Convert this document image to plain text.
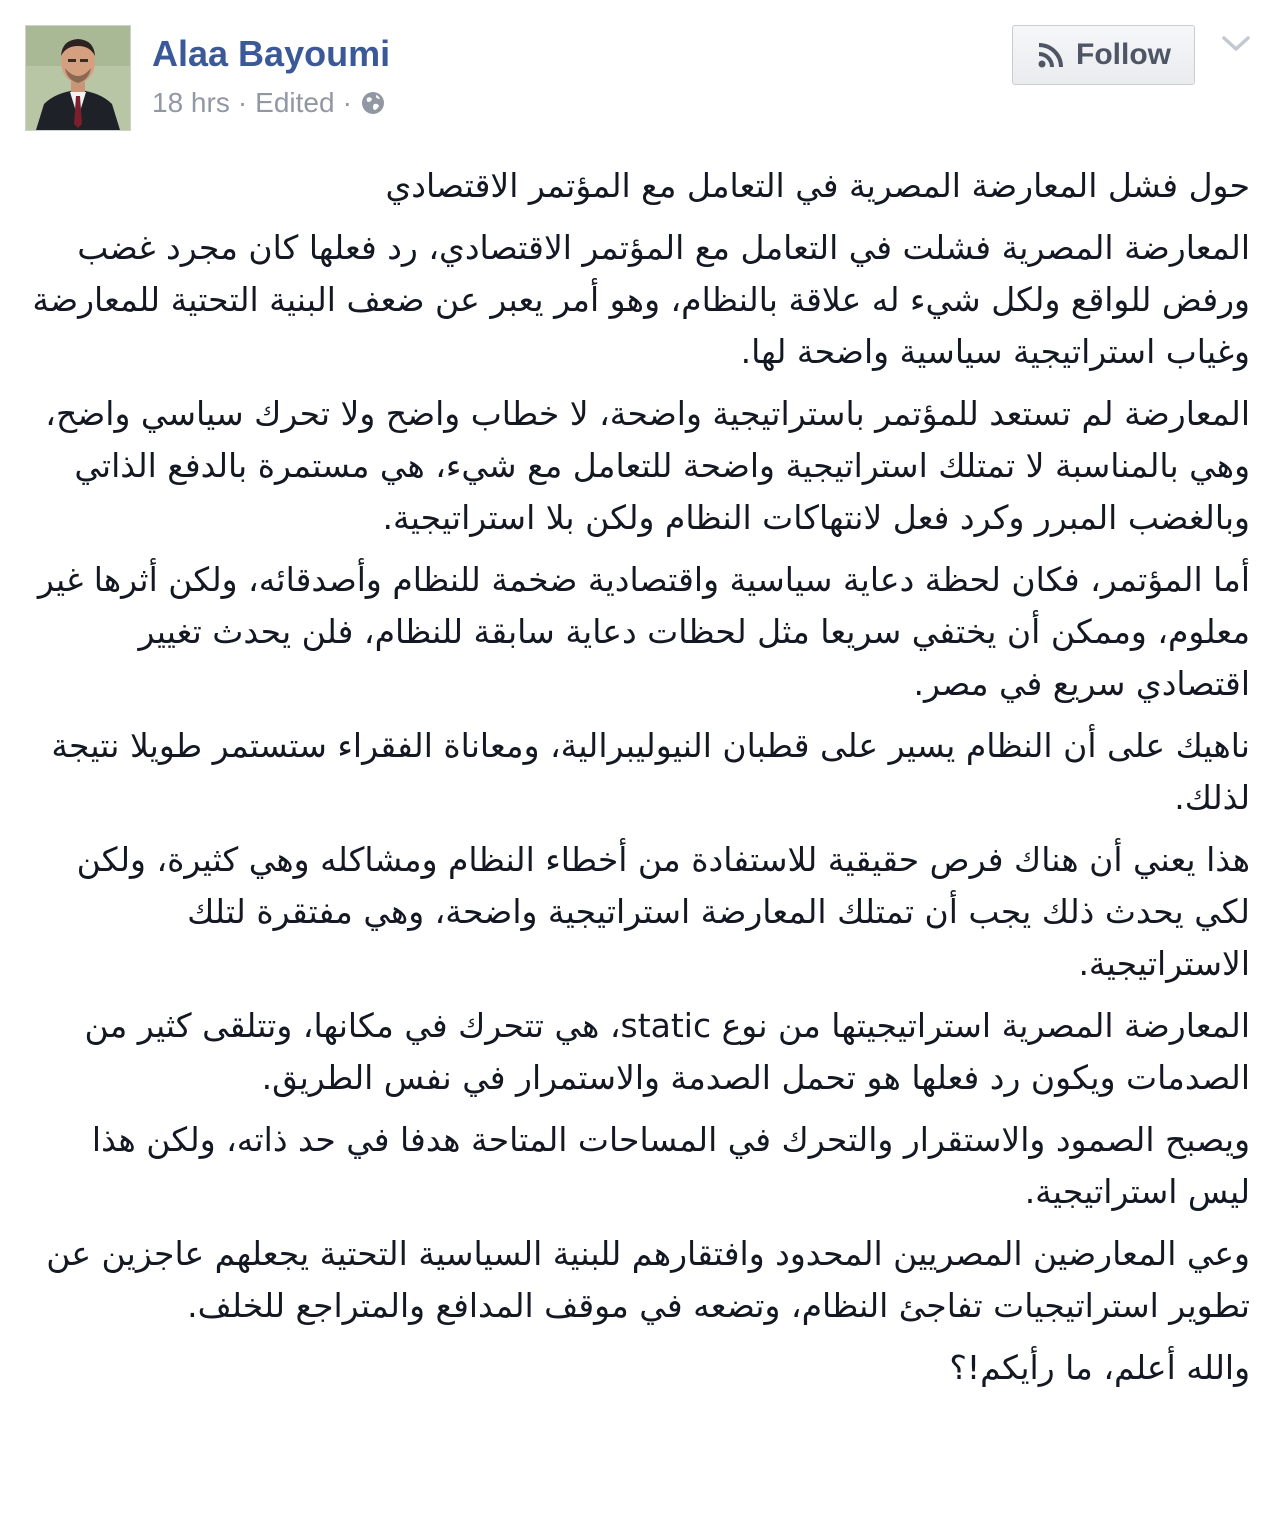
Alaa Bayoumi
18 hrs · Edited ·
Follow

حول فشل المعارضة المصرية في التعامل مع المؤتمر الاقتصادي

المعارضة المصرية فشلت في التعامل مع المؤتمر الاقتصادي، رد فعلها كان مجرد غضب ورفض للواقع ولكل شيء له علاقة بالنظام، وهو أمر يعبر عن ضعف البنية التحتية للمعارضة وغياب استراتيجية سياسية واضحة لها.

المعارضة لم تستعد للمؤتمر باستراتيجية واضحة، لا خطاب واضح ولا تحرك سياسي واضح، وهي بالمناسبة لا تمتلك استراتيجية واضحة للتعامل مع شيء، هي مستمرة بالدفع الذاتي وبالغضب المبرر وكرد فعل لانتهاكات النظام ولكن بلا استراتيجية.

أما المؤتمر، فكان لحظة دعاية سياسية واقتصادية ضخمة للنظام وأصدقائه، ولكن أثرها غير معلوم، وممكن أن يختفي سريعا مثل لحظات دعاية سابقة للنظام، فلن يحدث تغيير اقتصادي سريع في مصر.

ناهيك على أن النظام يسير على قطبان النيوليبرالية، ومعاناة الفقراء ستستمر طويلا نتيجة لذلك.

هذا يعني أن هناك فرص حقيقية للاستفادة من أخطاء النظام ومشاكله وهي كثيرة، ولكن لكي يحدث ذلك يجب أن تمتلك المعارضة استراتيجية واضحة، وهي مفتقرة لتلك الاستراتيجية.

المعارضة المصرية استراتيجيتها من نوع static، هي تتحرك في مكانها، وتتلقى كثير من الصدمات ويكون رد فعلها هو تحمل الصدمة والاستمرار في نفس الطريق.

ويصبح الصمود والاستقرار والتحرك في المساحات المتاحة هدفا في حد ذاته، ولكن هذا ليس استراتيجية.

وعي المعارضين المصريين المحدود وافتقارهم للبنية السياسية التحتية يجعلهم عاجزين عن تطوير استراتيجيات تفاجئ النظام، وتضعه في موقف المدافع والمتراجع للخلف.

والله أعلم، ما رأيكم!؟
